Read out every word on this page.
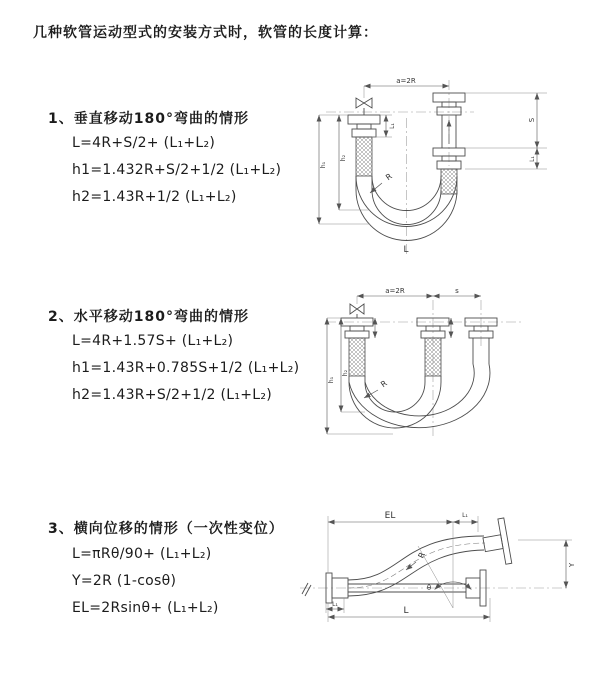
几种软管运动型式的安装方式时，软管的长度计算：
1、垂直移动180°弯曲的情形
L=4R+S/2+ (L₁+L₂)
h1=1.432R+S/2+1/2 (L₁+L₂)
h2=1.43R+1/2 (L₁+L₂)
a=2R
L₁
S
L₁
h₂
h₁
R
L
2、水平移动180°弯曲的情形
L=4R+1.57S+ (L₁+L₂)
h1=1.43R+0.785S+1/2 (L₁+L₂)
h2=1.43R+S/2+1/2 (L₁+L₂)
a=2R	s
h₁
h₂
R
3、横向位移的情形（一次性变位）
L=πRθ/90+ (L₁+L₂)
Y=2R (1-cosθ)
EL=2Rsinθ+ (L₁+L₂)
θ
R
EL	L₁
Y
L
L₁
